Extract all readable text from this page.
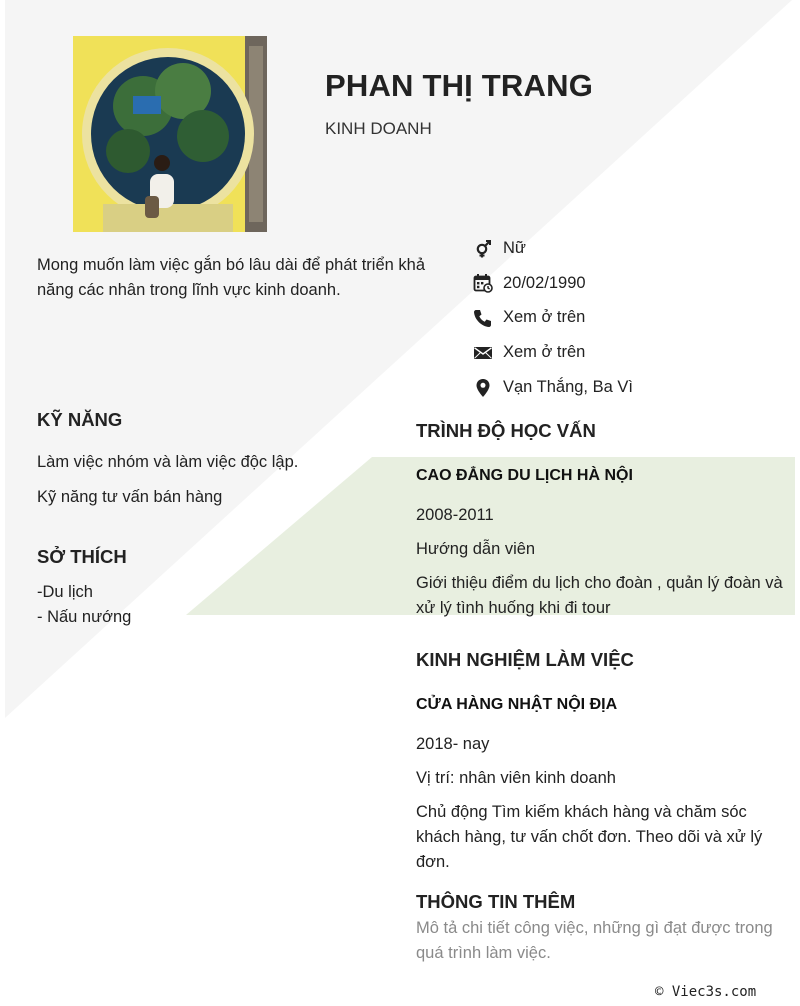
PHAN THỊ TRANG
KINH DOANH
Mong muốn làm việc gắn bó lâu dài để phát triển khả năng các nhân trong lĩnh vực kinh doanh.
Nữ
20/02/1990
Xem ở trên
Xem ở trên
Vạn Thắng, Ba Vì
KỸ NĂNG
Làm việc nhóm và làm việc độc lập.
Kỹ năng tư vấn bán hàng
SỞ THÍCH
-Du lịch
- Nấu nướng
TRÌNH ĐỘ HỌC VẤN
CAO ĐẲNG DU LỊCH HÀ NỘI
2008-2011
Hướng dẫn viên
Giới thiệu điểm du lịch cho đoàn , quản lý đoàn và xử lý tình huống khi đi tour
KINH NGHIỆM LÀM VIỆC
CỬA HÀNG NHẬT NỘI ĐỊA
2018- nay
Vị trí: nhân viên kinh doanh
Chủ động Tìm kiếm khách hàng và chăm sóc khách hàng, tư vấn chốt đơn. Theo dõi và xử lý đơn.
THÔNG TIN THÊM
Mô tả chi tiết công việc, những gì đạt được trong quá trình làm việc.
© Viec3s.com
